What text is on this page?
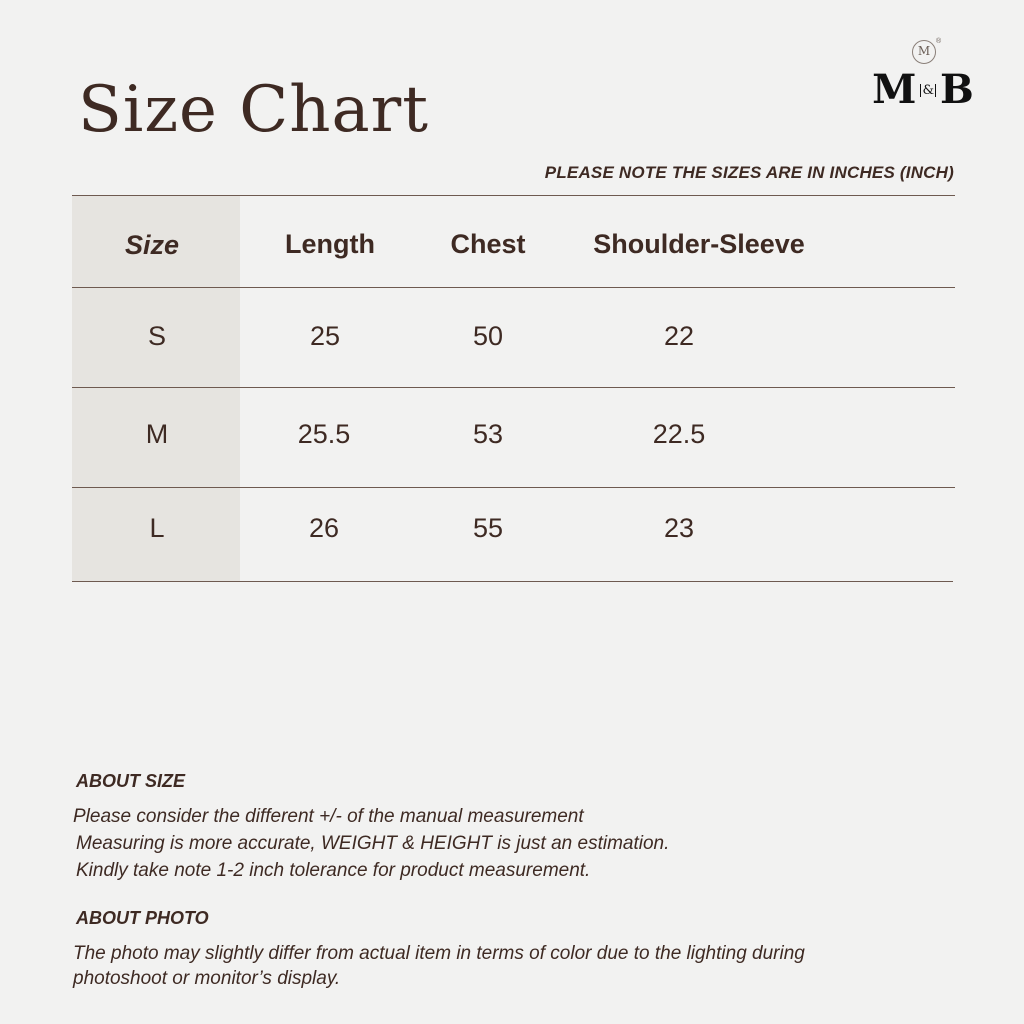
Size Chart
M
®
M & B
PLEASE NOTE THE SIZES ARE IN INCHES (INCH)
Size	Length	Chest	Shoulder-Sleeve
S	25	50	22
M	25.5	53	22.5
L	26	55	23
ABOUT SIZE
Please consider the different +/- of the manual measurement
Measuring is more accurate, WEIGHT & HEIGHT is just an estimation.
Kindly take note 1-2 inch tolerance for product measurement.
ABOUT PHOTO
The photo may slightly differ from actual item in terms of color due to the lighting during
photoshoot or monitor’s display.
